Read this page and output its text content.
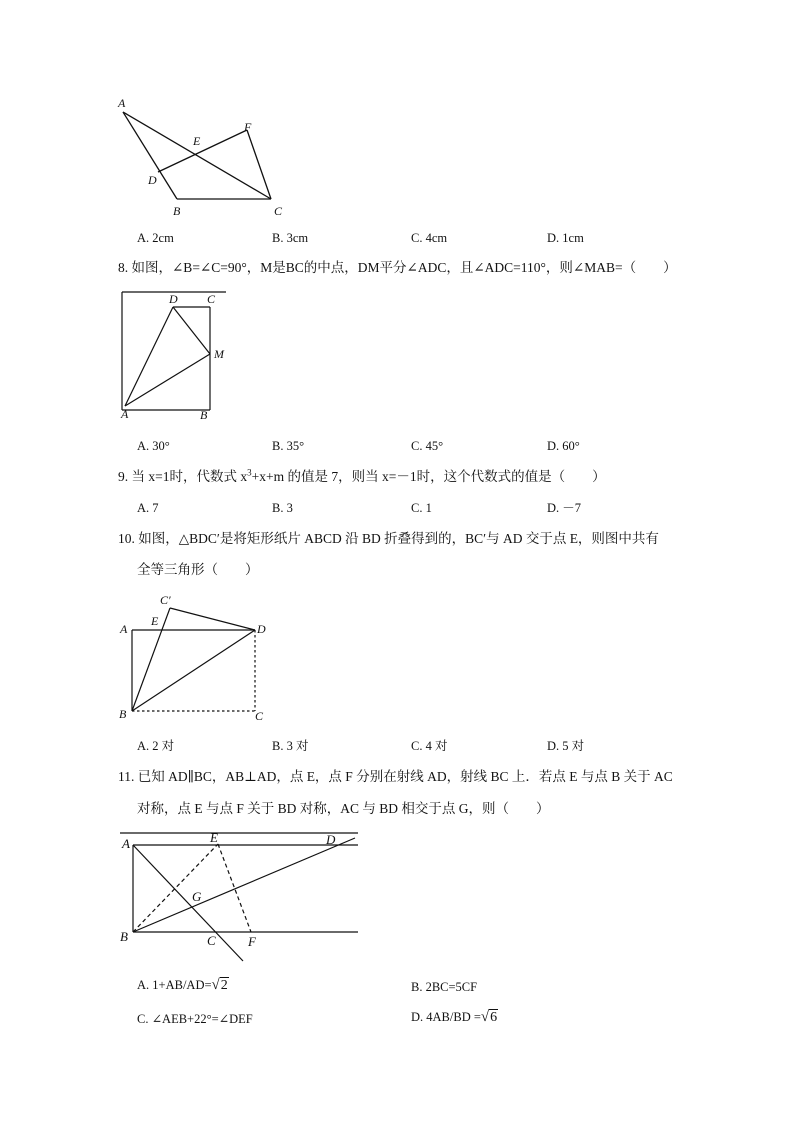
A
E
F
D
B	C
A. 2cm	B. 3cm	C. 4cm	D. 1cm
8. 如图，∠B=∠C=90°，M是BC的中点，DM平分∠ADC，且∠ADC=110°，则∠MAB=（　　）
D C
M
A	B
A. 30°	B. 35°	C. 45°	D. 60°
9. 当 x=1时，代数式 $x^3+x+m$ 的值是 7，则当 x=－1时，这个代数式的值是（　　）
A. 7	B. 3	C. 1	D. －7
10. 如图，△BDC′是将矩形纸片 ABCD 沿 BD 折叠得到的，BC′与 AD 交于点 E，则图中共有
全等三角形（　　）
C′
E
A	D
B	C
A. 2 对	B. 3 对	C. 4 对	D. 5 对
11. 已知 AD∥BC，AB⊥AD，点 E，点 F 分别在射线 AD，射线 BC 上．若点 E 与点 B 关于 AC
对称，点 E 与点 F 关于 BD 对称，AC 与 BD 相交于点 G，则（　　）
A	E	D
G
B	C F
A. 1+AB/AD=√2	B. 2BC=5CF
C. ∠AEB+22°=∠DEF	D. 4AB/BD =√6
